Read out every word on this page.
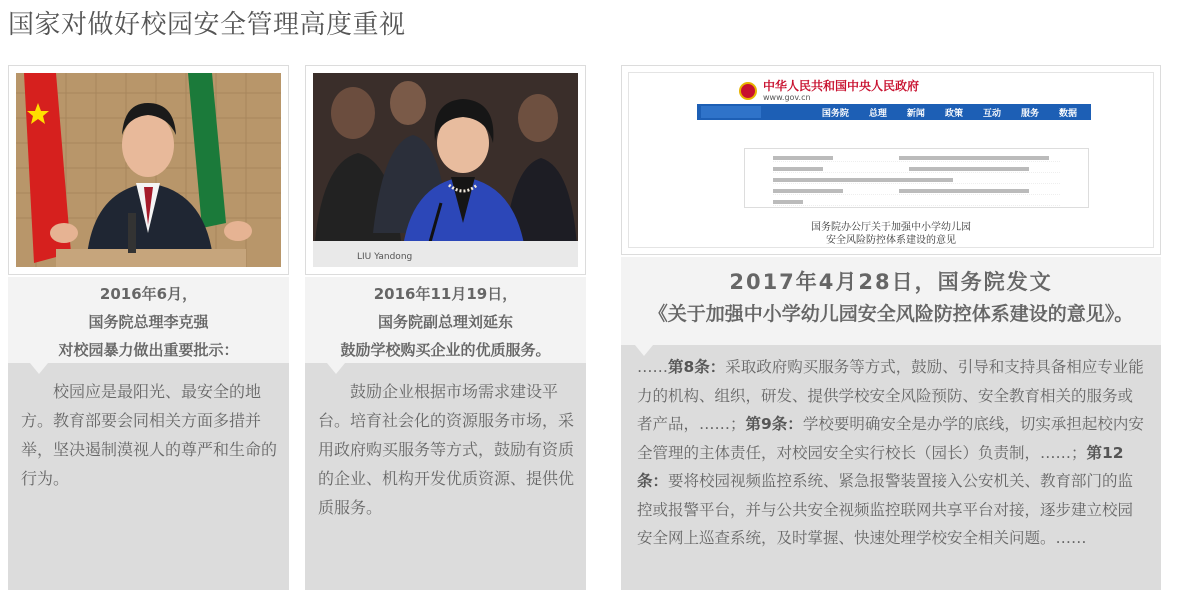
国家对做好校园安全管理高度重视
2016年6月，
国务院总理李克强
对校园暴力做出重要批示：
校园应是最阳光、最安全的地方。教育部要会同相关方面多措并举，坚决遏制漠视人的尊严和生命的行为。
LIU Yandong
2016年11月19日，
国务院副总理刘延东
鼓励学校购买企业的优质服务。
鼓励企业根据市场需求建设平台。培育社会化的资源服务市场，采用政府购买服务等方式，鼓励有资质的企业、机构开发优质资源、提供优质服务。
中华人民共和国中央人民政府
www.gov.cn
国务院 总理 新闻 政策 互动 服务 数据
国务院办公厅关于加强中小学幼儿园
安全风险防控体系建设的意见
2017年4月28日，国务院发文
《关于加强中小学幼儿园安全风险防控体系建设的意见》。
……第8条：采取政府购买服务等方式，鼓励、引导和支持具备相应专业能力的机构、组织，研发、提供学校安全风险预防、安全教育相关的服务或者产品，……；第9条：学校要明确安全是办学的底线，切实承担起校内安全管理的主体责任，对校园安全实行校长（园长）负责制，……；第12条：要将校园视频监控系统、紧急报警装置接入公安机关、教育部门的监控或报警平台，并与公共安全视频监控联网共享平台对接，逐步建立校园安全网上巡查系统，及时掌握、快速处理学校安全相关问题。……
